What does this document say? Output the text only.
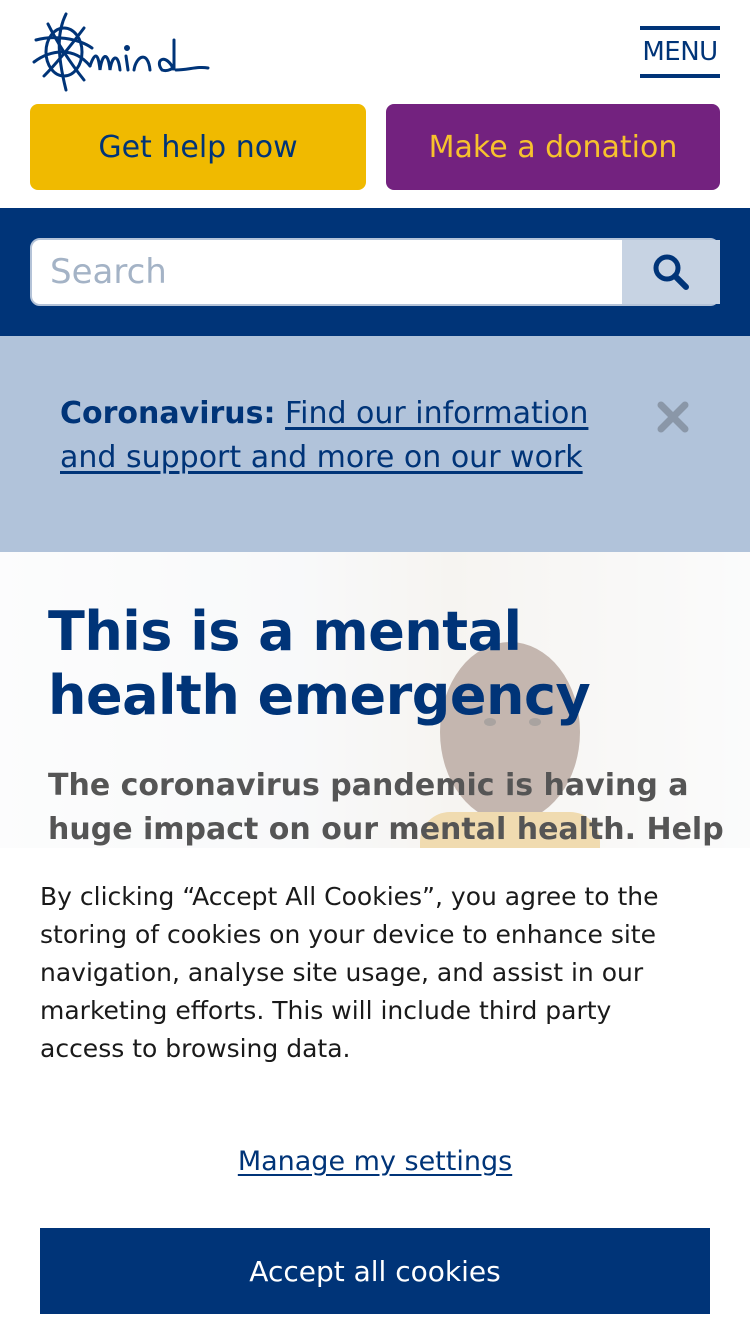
MENU
Get help now	Make a donation
Search
Coronavirus: Find our information and support and more on our work
This is a mental health emergency

The coronavirus pandemic is having a huge impact on our mental health. Help

By clicking “Accept All Cookies”, you agree to the storing of cookies on your device to enhance site navigation, analyse site usage, and assist in our marketing efforts. This will include third party access to browsing data.

Manage my settings
Accept all cookies
